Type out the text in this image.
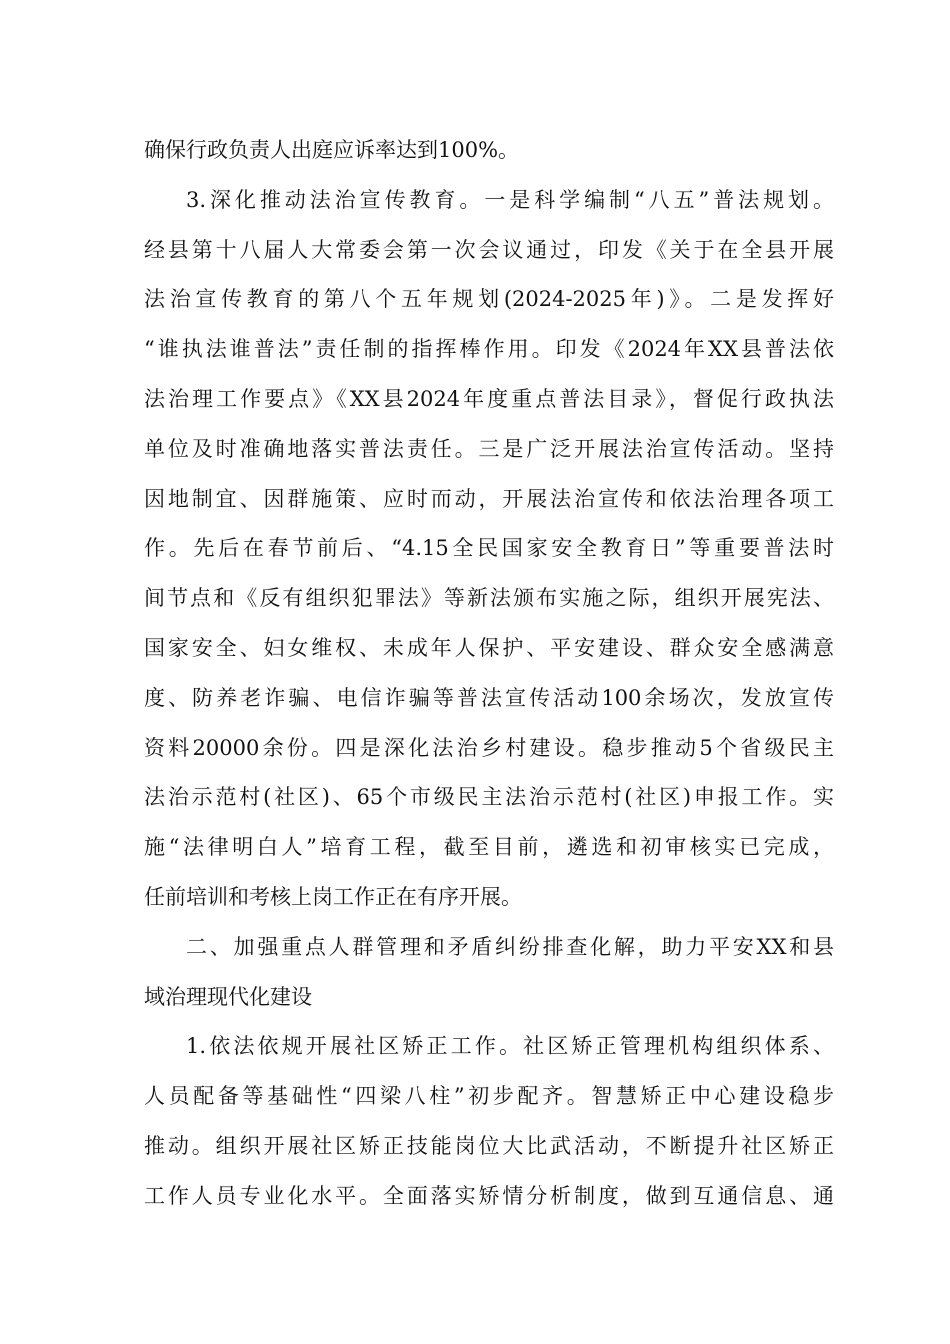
确保行政负责人出庭应诉率达到100%。
3.深化推动法治宣传教育。一是科学编制“八五”普法规划。
经县第十八届人大常委会第一次会议通过，印发《关于在全县开展
法治宣传教育的第八个五年规划(2024-2025年)》。二是发挥好
“谁执法谁普法”责任制的指挥棒作用。印发《2024年XX县普法依
法治理工作要点》《XX县2024年度重点普法目录》，督促行政执法
单位及时准确地落实普法责任。三是广泛开展法治宣传活动。坚持
因地制宜、因群施策、应时而动，开展法治宣传和依法治理各项工
作。先后在春节前后、“4.15全民国家安全教育日”等重要普法时
间节点和《反有组织犯罪法》等新法颁布实施之际，组织开展宪法、
国家安全、妇女维权、未成年人保护、平安建设、群众安全感满意
度、防养老诈骗、电信诈骗等普法宣传活动100余场次，发放宣传
资料20000余份。四是深化法治乡村建设。稳步推动5个省级民主
法治示范村(社区)、65个市级民主法治示范村(社区)申报工作。实
施“法律明白人”培育工程，截至目前，遴选和初审核实已完成，
任前培训和考核上岗工作正在有序开展。
二、加强重点人群管理和矛盾纠纷排查化解，助力平安XX和县
域治理现代化建设
1.依法依规开展社区矫正工作。社区矫正管理机构组织体系、
人员配备等基础性“四梁八柱”初步配齐。智慧矫正中心建设稳步
推动。组织开展社区矫正技能岗位大比武活动，不断提升社区矫正
工作人员专业化水平。全面落实矫情分析制度，做到互通信息、通
